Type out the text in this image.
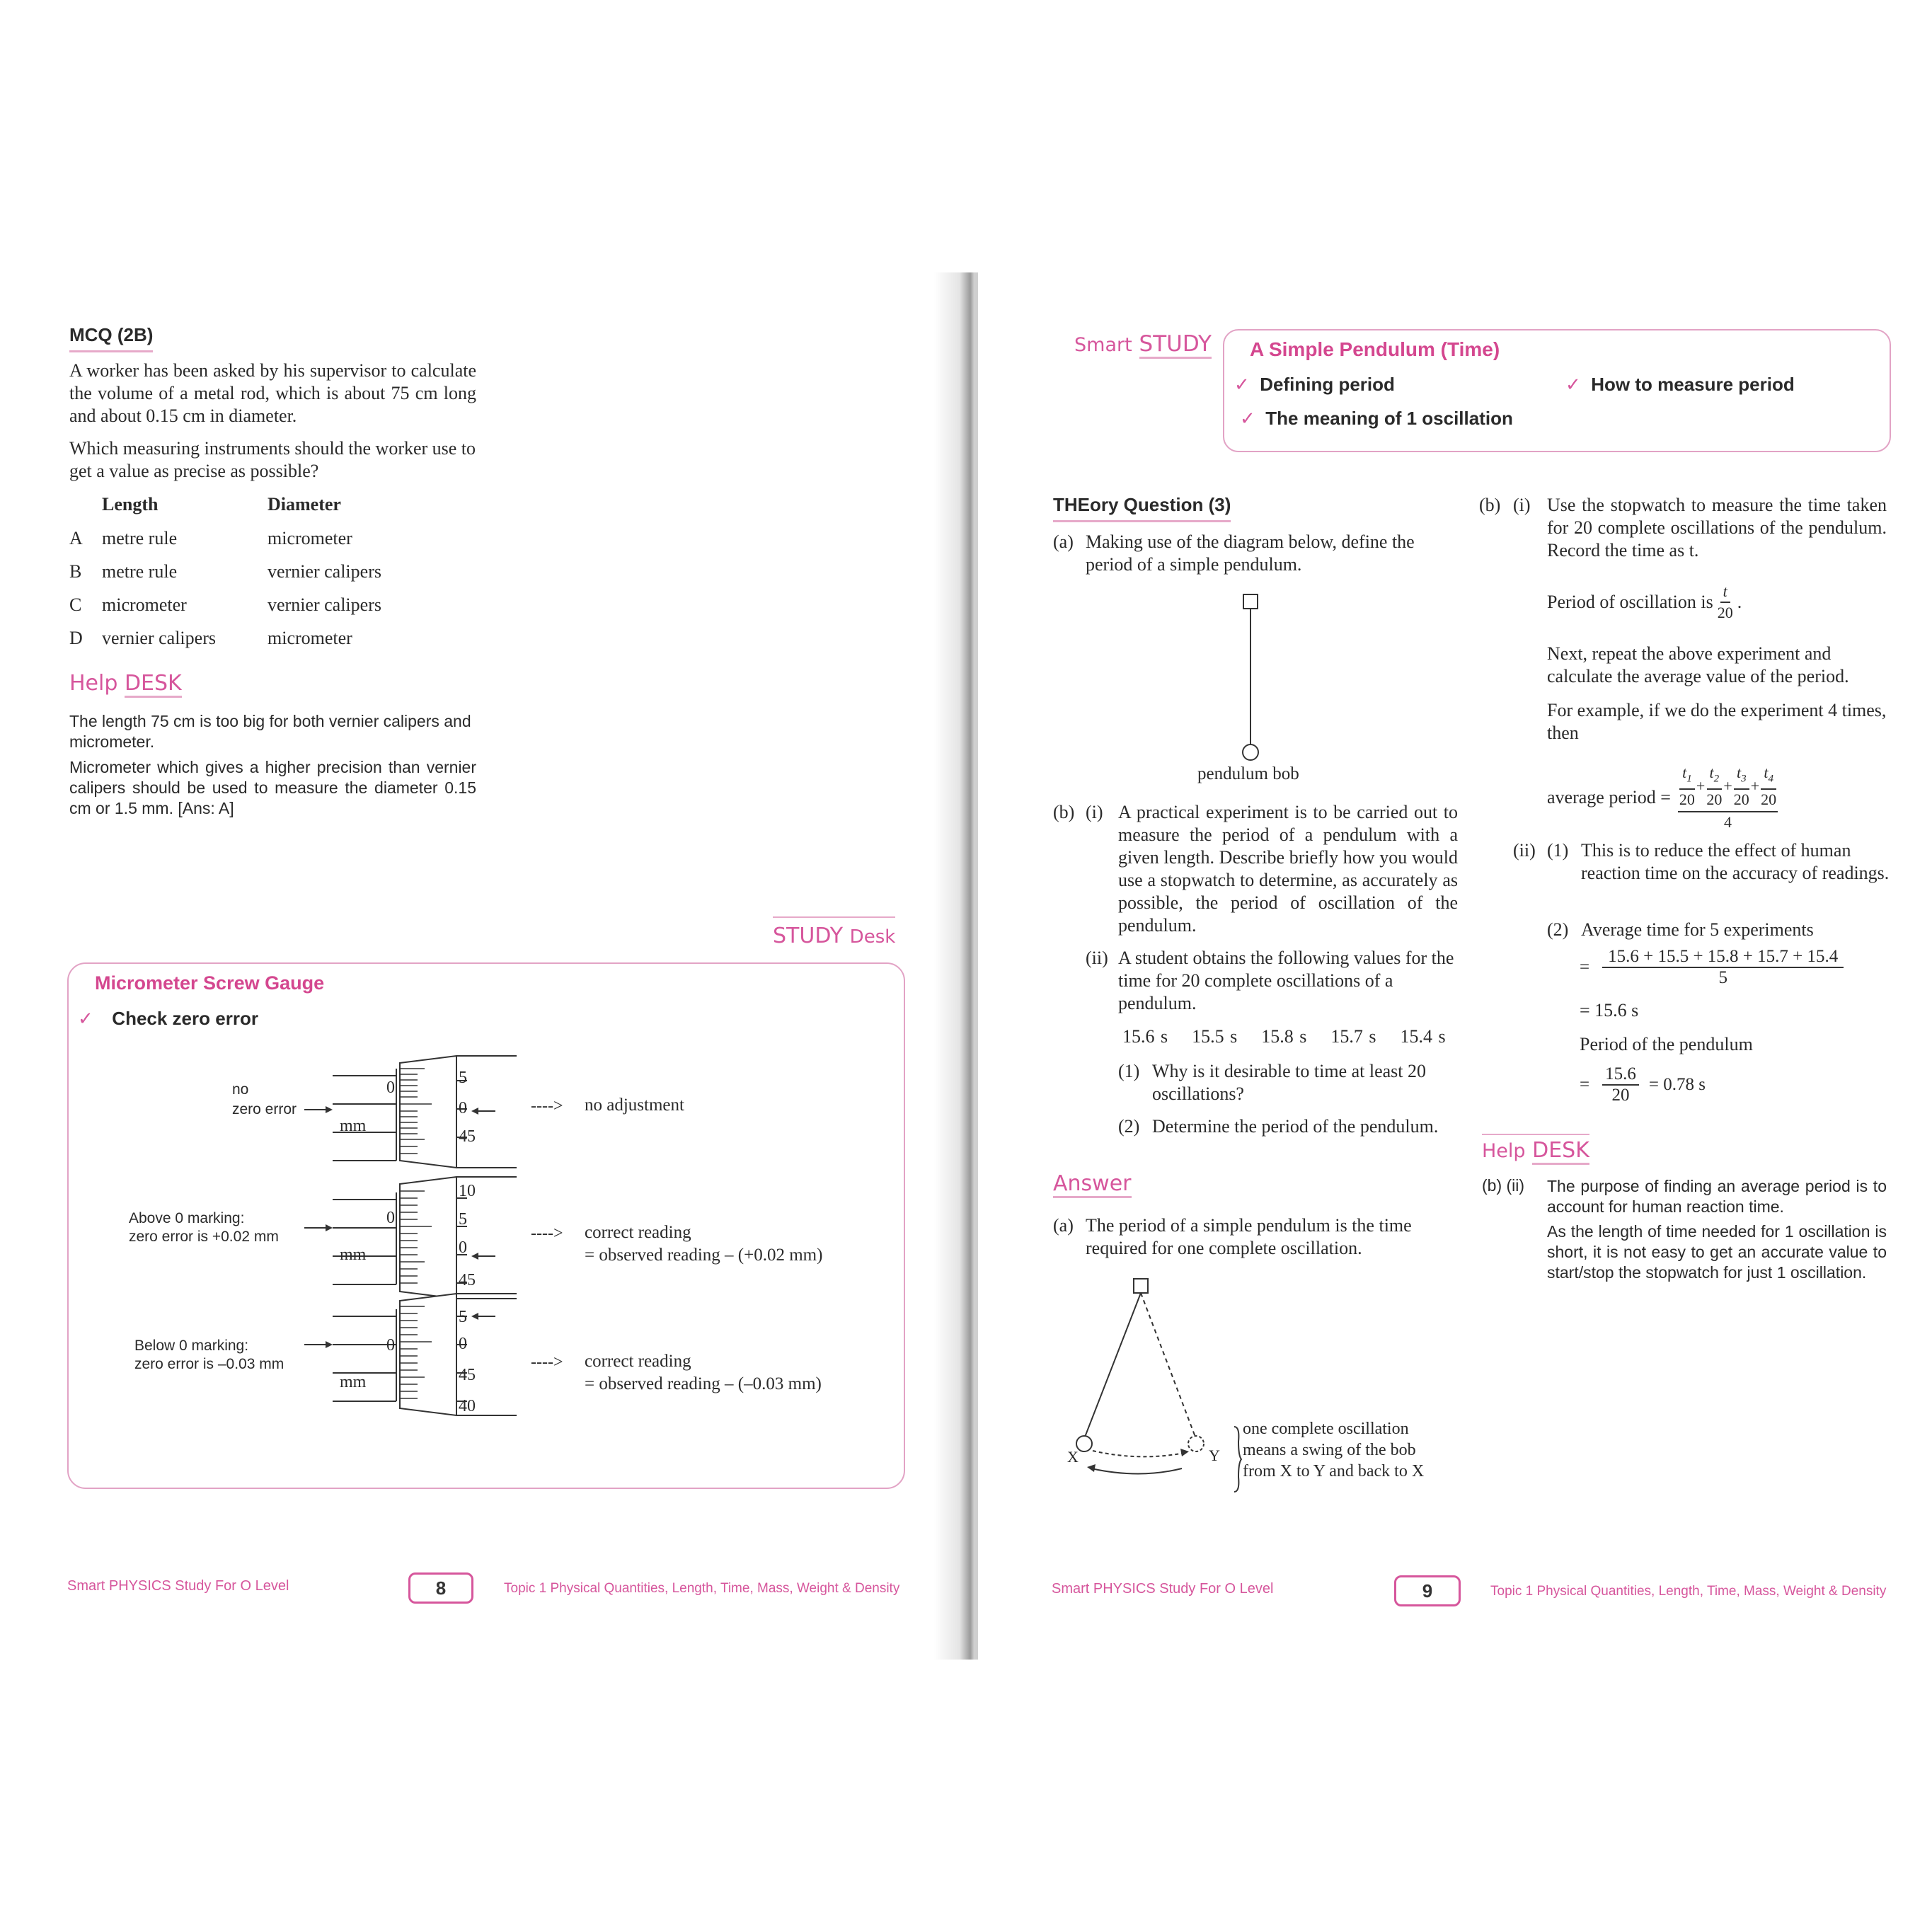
MCQ (2B)
A worker has been asked by his supervisor to calculate the volume of a metal rod, which is about 75 cm long and about 0.15 cm in diameter.
Which measuring instruments should the worker use to get a value as precise as possible?
Length	Diameter
A	metre rule	micrometer
B	metre rule	vernier calipers
C	micrometer	vernier calipers
D	vernier calipers	micrometer
Help DESK
The length 75 cm is too big for both vernier calipers and micrometer.
Micrometer which gives a higher precision than vernier calipers should be used to measure the diameter 0.15 cm or 1.5 mm. [Ans: A]
STUDY Desk
Micrometer Screw Gauge
✓ Check zero error
no
zero error
0
mm
5
0
45
----> no adjustment
Above 0 marking:
zero error is +0.02 mm
0
mm
10
5
0
45
----> correct reading
= observed reading – (+0.02 mm)
Below 0 marking:
zero error is –0.03 mm
0
mm
5
0
45
40
----> correct reading
= observed reading – (–0.03 mm)
Smart PHYSICS Study For O Level	8	Topic 1 Physical Quantities, Length, Time, Mass, Weight & Density
Smart STUDY A Simple Pendulum (Time)
✓ Defining period	✓ How to measure period
✓ The meaning of 1 oscillation
THEory Question (3)
(a) Making use of the diagram below, define the period of a simple pendulum.
pendulum bob
(b) (i) A practical experiment is to be carried out to measure the period of a pendulum with a given length. Describe briefly how you would use a stopwatch to determine, as accurately as possible, the period of oscillation of the pendulum.
(ii) A student obtains the following values for the time for 20 complete oscillations of a pendulum.
15.6 s 15.5 s 15.8 s 15.7 s 15.4 s
(1) Why is it desirable to time at least 20 oscillations?
(2) Determine the period of the pendulum.
Answer
(a) The period of a simple pendulum is the time required for one complete oscillation.
X	Y
one complete oscillation
means a swing of the bob
from X to Y and back to X
(b) (i) Use the stopwatch to measure the time taken for 20 complete oscillations of the pendulum. Record the time as t.
Period of oscillation is $\frac{t}{20}$ .
Next, repeat the above experiment and calculate the average value of the period.
For example, if we do the experiment 4 times, then
average period = $\frac{t_1}{20} + \frac{t_2}{20} + \frac{t_3}{20} + \frac{t_4}{20}$
4
(ii) (1) This is to reduce the effect of human reaction time on the accuracy of readings.
(2) Average time for 5 experiments
= $\frac{15.6 + 15.5 + 15.8 + 15.7 + 15.4}{5}$
= 15.6 s
Period of the pendulum
= $\frac{15.6}{20} = 0.78$ s
Help DESK
(b) (ii) The purpose of finding an average period is to account for human reaction time.
As the length of time needed for 1 oscillation is short, it is not easy to get an accurate value to start/stop the stopwatch for just 1 oscillation.
Smart PHYSICS Study For O Level	9	Topic 1 Physical Quantities, Length, Time, Mass, Weight & Density
